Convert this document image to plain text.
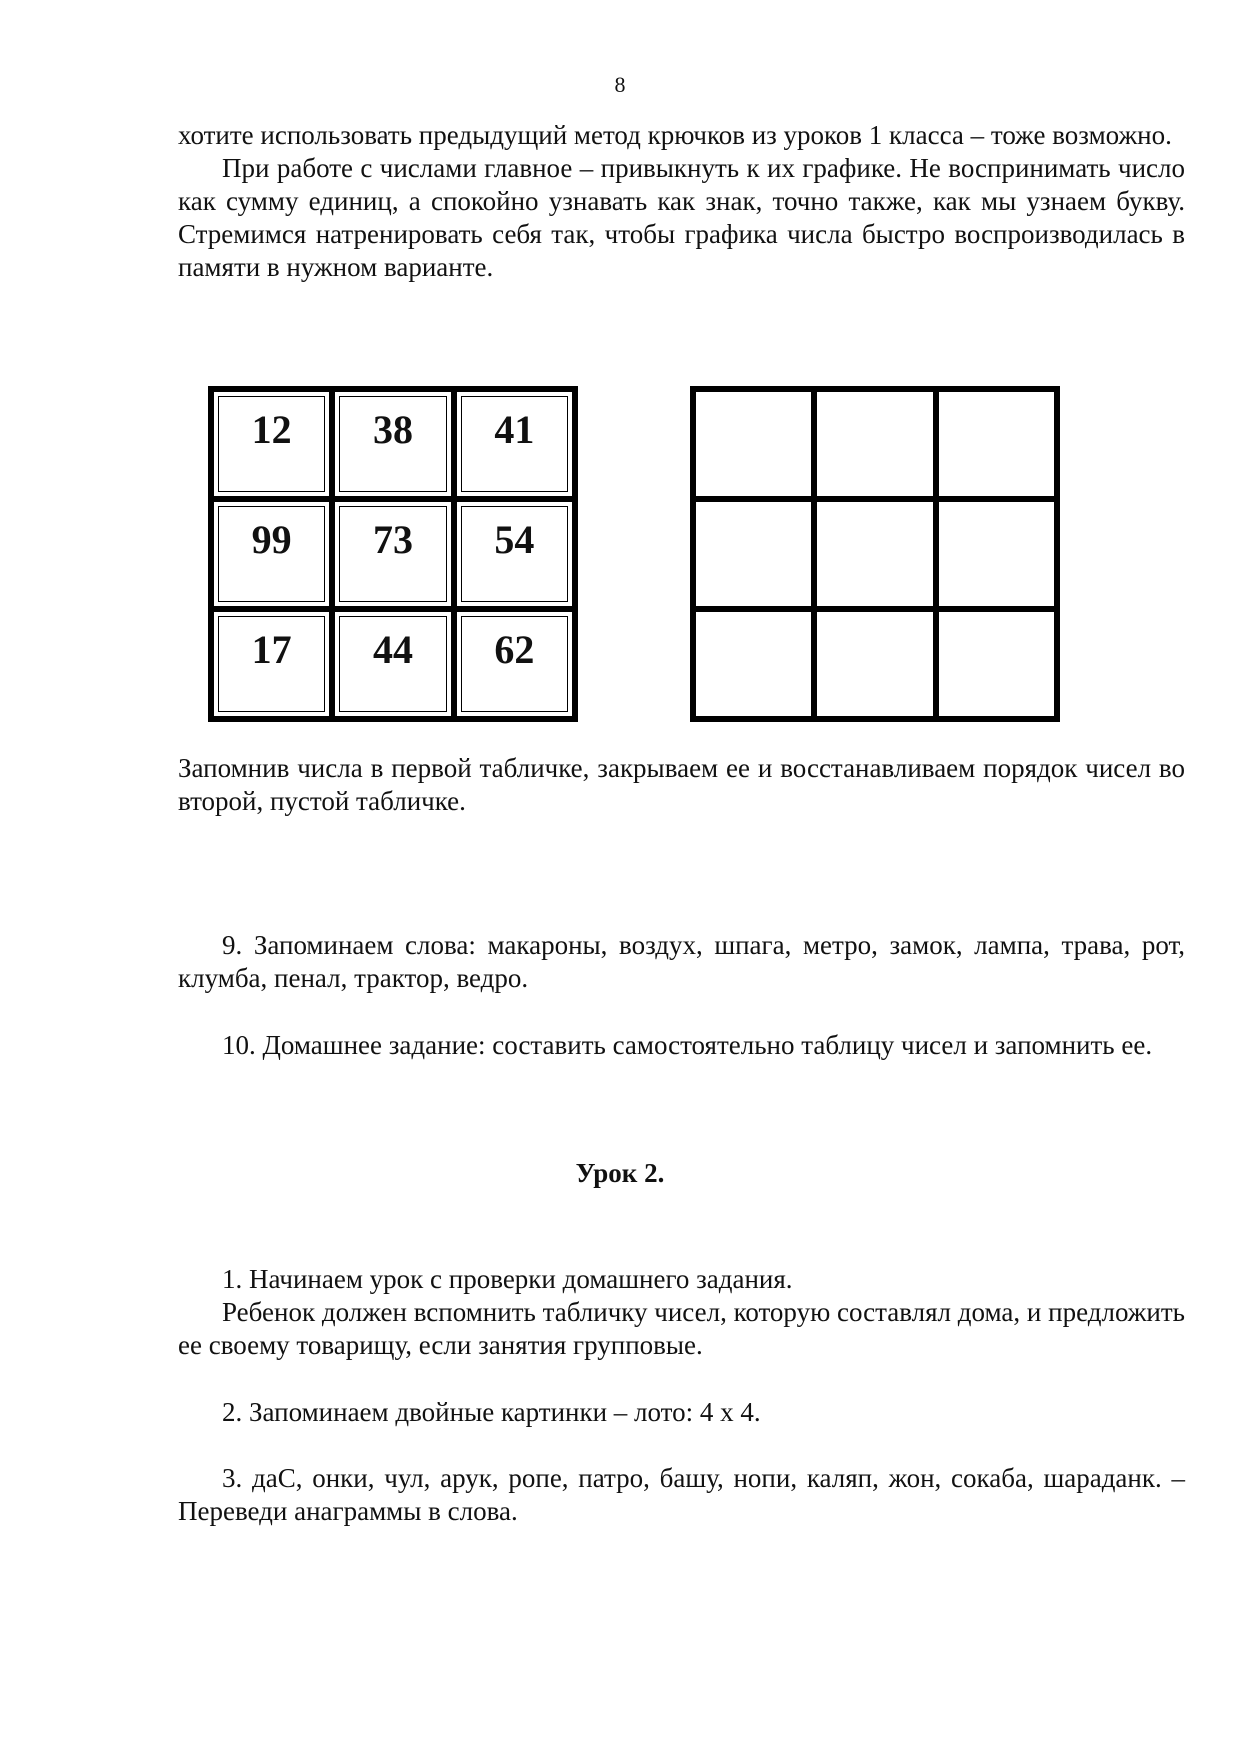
8

хотите использовать предыдущий метод крючков из уроков 1 класса – тоже возможно.

При работе с числами главное – привыкнуть к их графике. Не воспринимать число как сумму единиц, а спокойно узнавать как знак, точно также, как мы узнаем букву. Стремимся натренировать себя так, чтобы графика числа быстро воспроизводилась в памяти в нужном варианте.

12	38	41
99	73	54
17	44	62

Запомнив числа в первой табличке, закрываем ее и восстанавливаем порядок чисел во второй, пустой табличке.

9. Запоминаем слова: макароны, воздух, шпага, метро, замок, лампа, трава, рот, клумба, пенал, трактор, ведро.

10. Домашнее задание: составить самостоятельно таблицу чисел и запомнить ее.

Урок 2.

1. Начинаем урок с проверки домашнего задания.

Ребенок должен вспомнить табличку чисел, которую составлял дома, и предложить ее своему товарищу, если занятия групповые.

2. Запоминаем двойные картинки – лото: 4 х 4.

3. даС, онки, чул, арук, ропе, патро, башу, нопи, каляп, жон, сокаба, шараданк. – Переведи анаграммы в слова.
